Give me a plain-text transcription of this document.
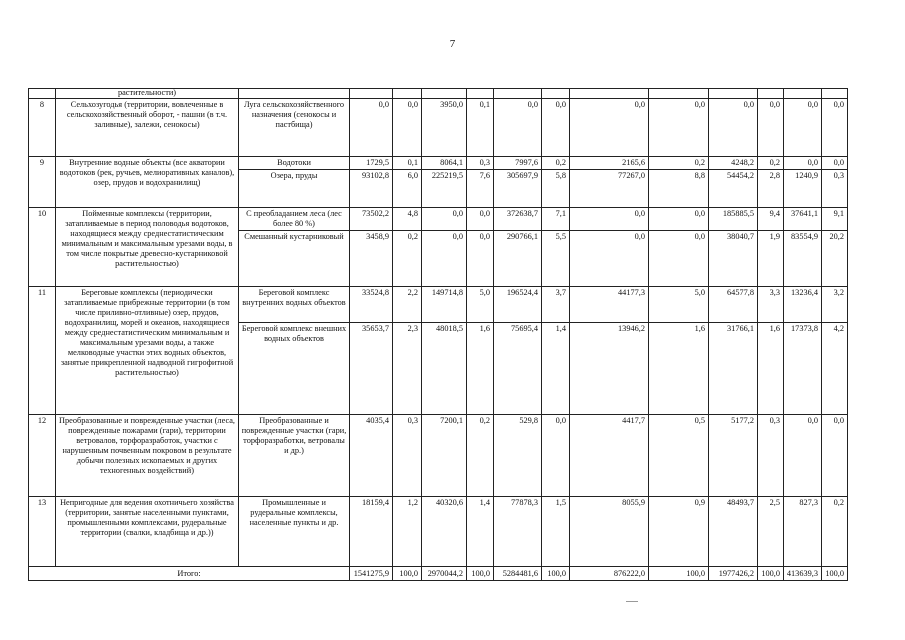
7
	растительности)													
8	Сельхозугодья (территории, вовлеченные в сельскохозяйственный оборот, - пашни (в т.ч. заливные), залежи, сенокосы)	Луга сельскохозяйственного назначения (сенокосы и пастбища)	0,0	0,0	3950,0	0,1	0,0	0,0	0,0	0,0	0,0	0,0	0,0	0,0
9	Внутренние водные объекты (все акватории водотоков (рек, ручьев, мелиоративных каналов), озер, прудов и водохранилищ)	Водотоки	1729,5	0,1	8064,1	0,3	7997,6	0,2	2165,6	0,2	4248,2	0,2	0,0	0,0
		Озера, пруды	93102,8	6,0	225219,5	7,6	305697,9	5,8	77267,0	8,8	54454,2	2,8	1240,9	0,3
10	Пойменные комплексы (территории, затапливаемые в период половодья водотоков, находящиеся между среднестатистическим минимальным и максимальным урезами воды, в том числе покрытые древесно-кустарниковой растительностью)	С преобладанием леса (лес более 80 %)	73502,2	4,8	0,0	0,0	372638,7	7,1	0,0	0,0	185885,5	9,4	37641,1	9,1
		Смешанный кустарниковый	3458,9	0,2	0,0	0,0	290766,1	5,5	0,0	0,0	38040,7	1,9	83554,9	20,2
11	Береговые комплексы (периодически затапливаемые прибрежные территории (в том числе приливно-отливные) озер, прудов, водохранилищ, морей и океанов, находящиеся между среднестатистическим минимальным и максимальным урезами воды, а также мелководные участки этих водных объектов, занятые прикрепленной надводной гигрофитной растительностью)	Береговой комплекс внутренних водных объектов	33524,8	2,2	149714,8	5,0	196524,4	3,7	44177,3	5,0	64577,8	3,3	13236,4	3,2
		Береговой комплекс внешних водных объектов	35653,7	2,3	48018,5	1,6	75695,4	1,4	13946,2	1,6	31766,1	1,6	17373,8	4,2
12	Преобразованные и поврежденные участки (леса, поврежденные пожарами (гари), территории ветровалов, торфоразработок, участки с нарушенным почвенным покровом в результате добычи полезных ископаемых и других техногенных воздействий)	Преобразованные и поврежденные участки (гари, торфоразработки, ветровалы и др.)	4035,4	0,3	7200,1	0,2	529,8	0,0	4417,7	0,5	5177,2	0,3	0,0	0,0
13	Непригодные для ведения охотничьего хозяйства (территории, занятые населенными пунктами, промышленными комплексами, рудеральные территории (свалки, кладбища и др.))	Промышленные и рудеральные комплексы, населенные пункты и др.	18159,4	1,2	40320,6	1,4	77878,3	1,5	8055,9	0,9	48493,7	2,5	827,3	0,2
Итого:			1541275,9	100,0	2970044,2	100,0	5284481,6	100,0	876222,0	100,0	1977426,2	100,0	413639,3	100,0
